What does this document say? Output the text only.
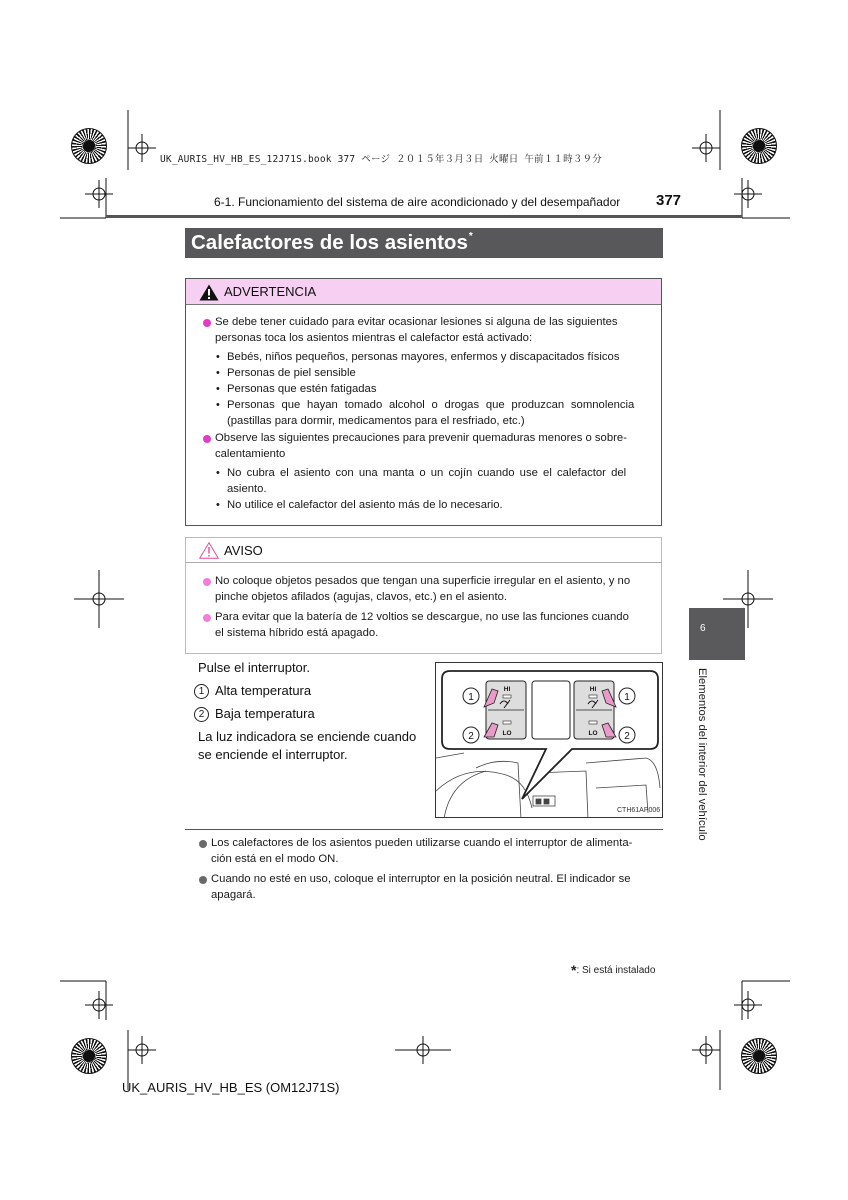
UK_AURIS_HV_HB_ES_12J71S.book 377 ページ ２０１５年３月３日 火曜日 午前１１時３９分
6-1. Funcionamiento del sistema de aire acondicionado y del desempañador 377
Calefactores de los asientos*
ADVERTENCIA
Se debe tener cuidado para evitar ocasionar lesiones si alguna de las siguientes
personas toca los asientos mientras el calefactor está activado:
• Bebés, niños pequeños, personas mayores, enfermos y discapacitados físicos
• Personas de piel sensible
• Personas que estén fatigadas
• Personas que hayan tomado alcohol o drogas que produzcan somnolencia
(pastillas para dormir, medicamentos para el resfriado, etc.)
Observe las siguientes precauciones para prevenir quemaduras menores o sobre-
calentamiento
• No cubra el asiento con una manta o un cojín cuando use el calefactor del
asiento.
• No utilice el calefactor del asiento más de lo necesario.
AVISO
No coloque objetos pesados que tengan una superficie irregular en el asiento, y no
pinche objetos afilados (agujas, clavos, etc.) en el asiento.
Para evitar que la batería de 12 voltios se descargue, no use las funciones cuando
el sistema híbrido está apagado.
Pulse el interruptor.
1 Alta temperatura
2 Baja temperatura
La luz indicadora se enciende cuando
se enciende el interruptor.
HI
LO
HI
LO
1
2
1
2
CTH61AP006
Los calefactores de los asientos pueden utilizarse cuando el interruptor de alimenta-
ción está en el modo ON.
Cuando no esté en uso, coloque el interruptor en la posición neutral. El indicador se
apagará.
6
Elementos del interior del vehículo
*: Si está instalado
UK_AURIS_HV_HB_ES (OM12J71S)
